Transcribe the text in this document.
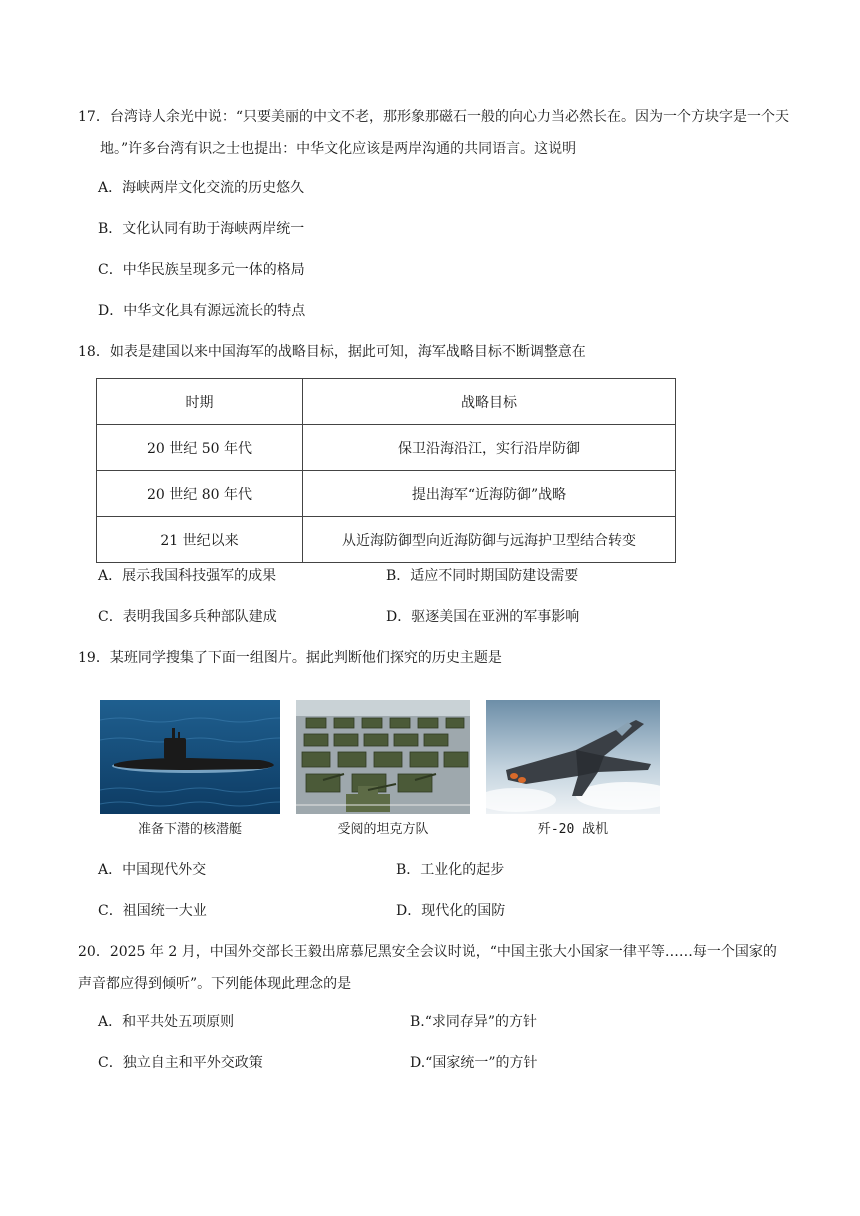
17．台湾诗人余光中说：“只要美丽的中文不老，那形象那磁石一般的向心力当必然长在。因为一个方块字是一个天地。”许多台湾有识之士也提出：中华文化应该是两岸沟通的共同语言。这说明
A．海峡两岸文化交流的历史悠久
B．文化认同有助于海峡两岸统一
C．中华民族呈现多元一体的格局
D．中华文化具有源远流长的特点
18．如表是建国以来中国海军的战略目标，据此可知，海军战略目标不断调整意在
时期	战略目标
20 世纪 50 年代	保卫沿海沿江，实行沿岸防御
20 世纪 80 年代	提出海军“近海防御”战略
21 世纪以来	从近海防御型向近海防御与远海护卫型结合转变
A．展示我国科技强军的成果	B．适应不同时期国防建设需要
C．表明我国多兵种部队建成	D．驱逐美国在亚洲的军事影响
19．某班同学搜集了下面一组图片。据此判断他们探究的历史主题是
准备下潜的核潜艇	受阅的坦克方队	歼-20 战机
A．中国现代外交	B．工业化的起步
C．祖国统一大业	D．现代化的国防
20．2025 年 2 月，中国外交部长王毅出席慕尼黑安全会议时说，“中国主张大小国家一律平等……每一个国家的声音都应得到倾听”。下列能体现此理念的是
A．和平共处五项原则	B.“求同存异”的方针
C．独立自主和平外交政策	D.“国家统一”的方针
